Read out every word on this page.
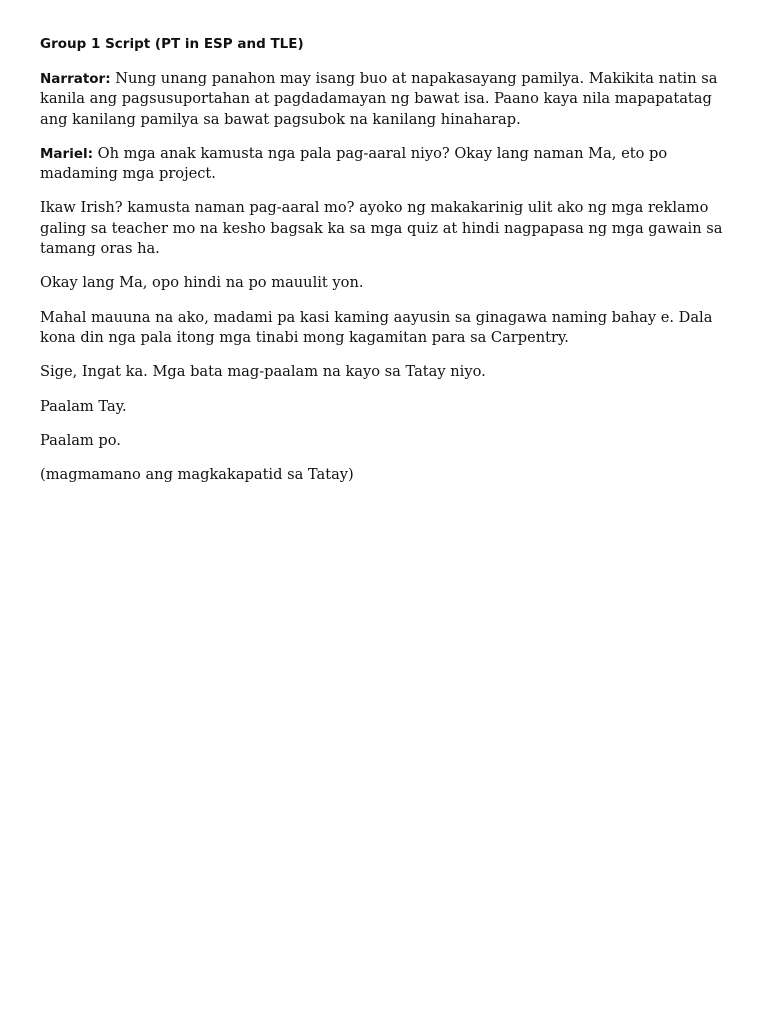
Group 1 Script (PT in ESP and TLE)

Narrator: Nung unang panahon may isang buo at napakasayang pamilya. Makikita natin sa kanila ang pagsusuportahan at pagdadamayan ng bawat isa. Paano kaya nila mapapatatag ang kanilang pamilya sa bawat pagsubok na kanilang hinaharap.

Mariel: Oh mga anak kamusta nga pala pag-aaral niyo? Okay lang naman Ma, eto po madaming mga project.

Ikaw Irish? kamusta naman pag-aaral mo? ayoko ng makakarinig ulit ako ng mga reklamo galing sa teacher mo na kesho bagsak ka sa mga quiz at hindi nagpapasa ng mga gawain sa tamang oras ha.

Okay lang Ma, opo hindi na po mauulit yon.

Mahal mauuna na ako, madami pa kasi kaming aayusin sa ginagawa naming bahay e. Dala kona din nga pala itong mga tinabi mong kagamitan para sa Carpentry.

Sige, Ingat ka. Mga bata mag-paalam na kayo sa Tatay niyo.

Paalam Tay.

Paalam po.

(magmamano ang magkakapatid sa Tatay)
